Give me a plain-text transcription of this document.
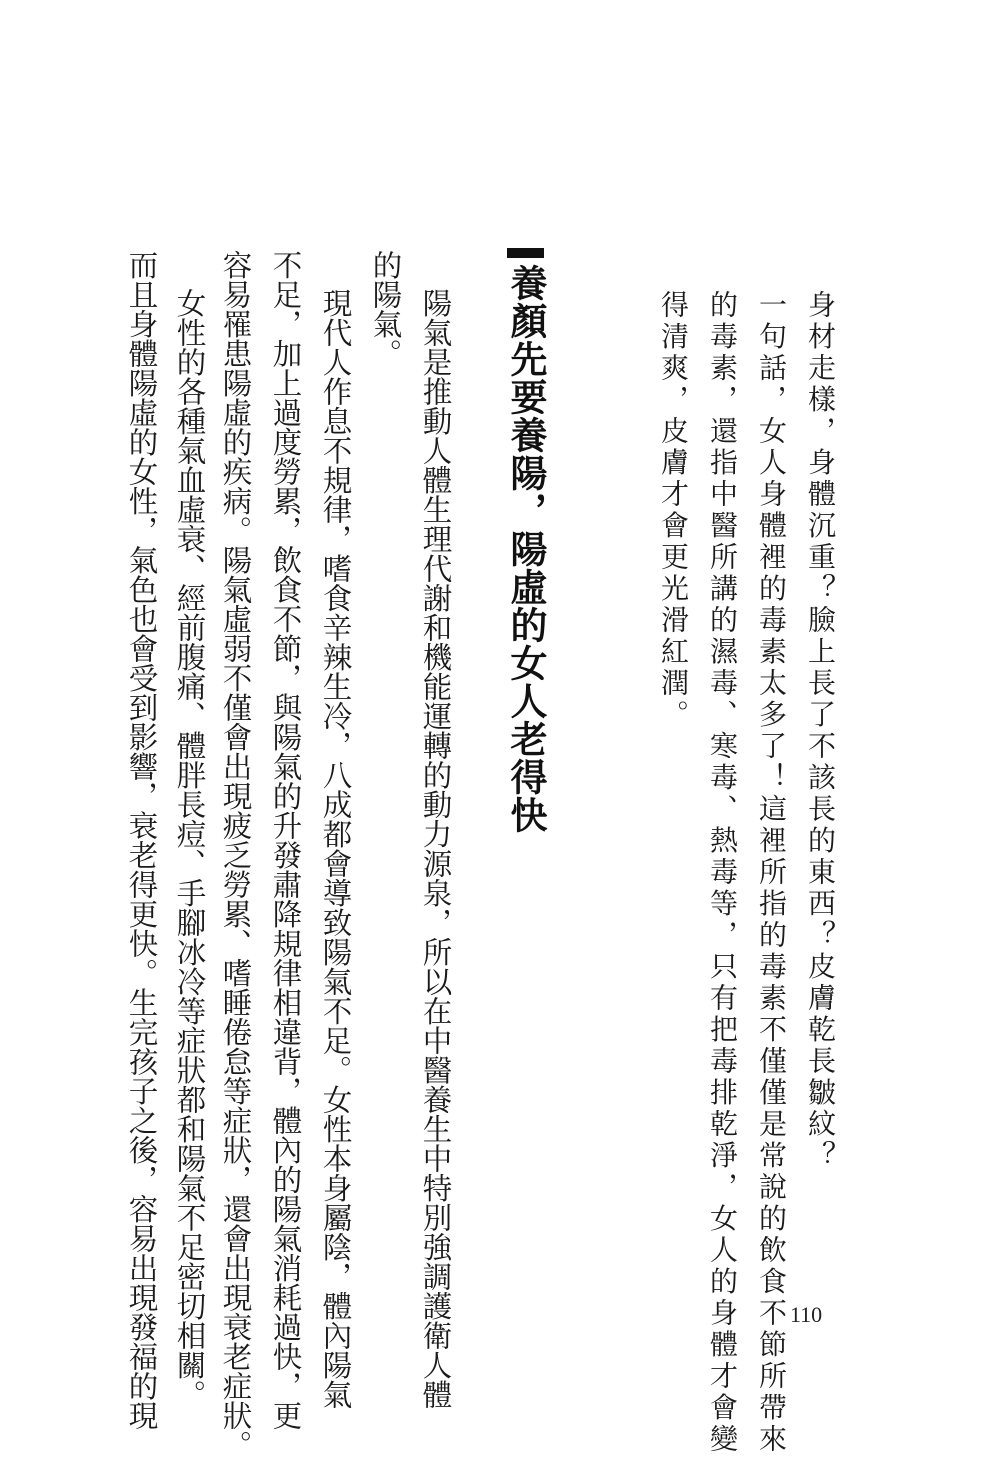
身材走樣，身體沉重？臉上長了不該長的東西？皮膚乾長皺紋？

一句話，女人身體裡的毒素太多了！這裡所指的毒素不僅僅是常說的飲食不節所帶來

的毒素，還指中醫所講的濕毒、寒毒、熱毒等，只有把毒排乾淨，女人的身體才會變

得清爽，皮膚才會更光滑紅潤。

養顏先要養陽，陽虛的女人老得快

陽氣是推動人體生理代謝和機能運轉的動力源泉，所以在中醫養生中特別強調護衛人體

的陽氣。

現代人作息不規律，嗜食辛辣生冷，八成都會導致陽氣不足。女性本身屬陰，體內陽氣

不足，加上過度勞累，飲食不節，與陽氣的升發肅降規律相違背，體內的陽氣消耗過快，更

容易罹患陽虛的疾病。陽氣虛弱不僅會出現疲乏勞累、嗜睡倦怠等症狀，還會出現衰老症狀。

女性的各種氣血虛衰、經前腹痛、體胖長痘、手腳冰冷等症狀都和陽氣不足密切相關。

而且身體陽虛的女性，氣色也會受到影響，衰老得更快。生完孩子之後，容易出現發福的現	110
